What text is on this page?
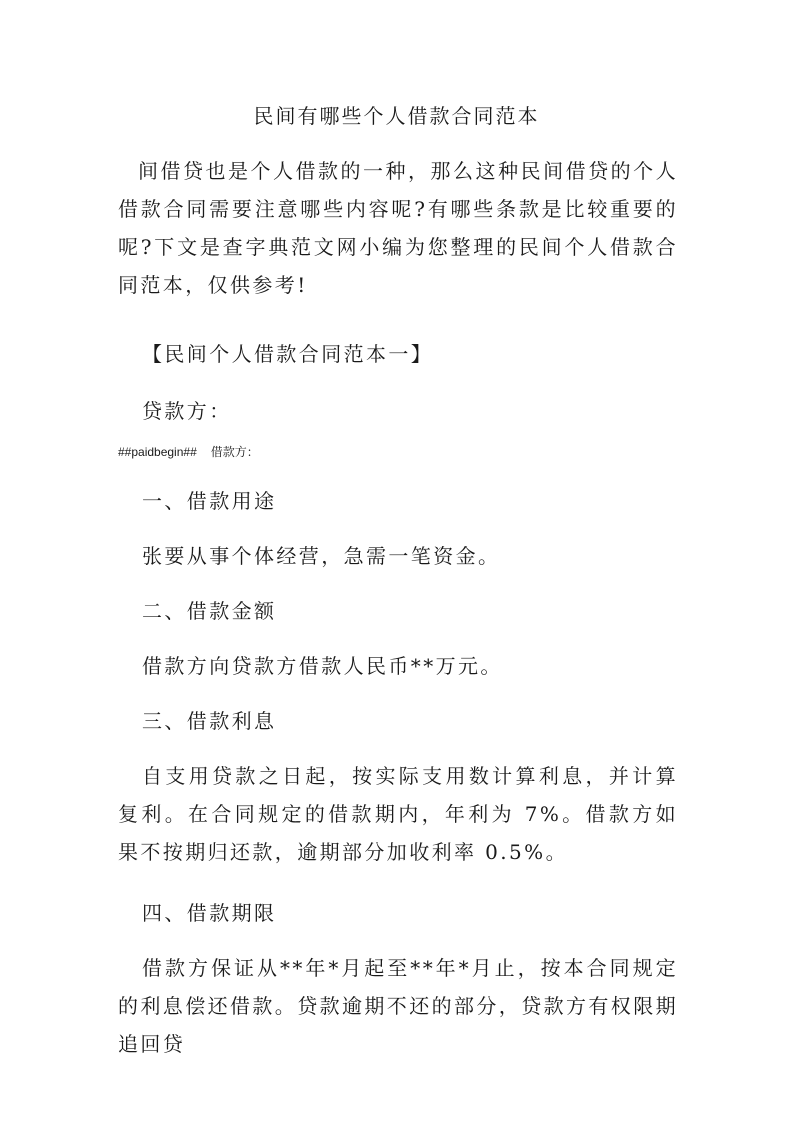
民间有哪些个人借款合同范本
间借贷也是个人借款的一种，那么这种民间借贷的个人借款合同需要注意哪些内容呢?有哪些条款是比较重要的呢?下文是查字典范文网小编为您整理的民间个人借款合同范本，仅供参考!
【民间个人借款合同范本一】
贷款方：
##paidbegin## 借款方：
一、借款用途
张要从事个体经营，急需一笔资金。
二、借款金额
借款方向贷款方借款人民币**万元。
三、借款利息
自支用贷款之日起，按实际支用数计算利息，并计算复利。在合同规定的借款期内，年利为 7%。借款方如果不按期归还款，逾期部分加收利率 0.5%。
四、借款期限
借款方保证从**年*月起至**年*月止，按本合同规定的利息偿还借款。贷款逾期不还的部分，贷款方有权限期追回贷
